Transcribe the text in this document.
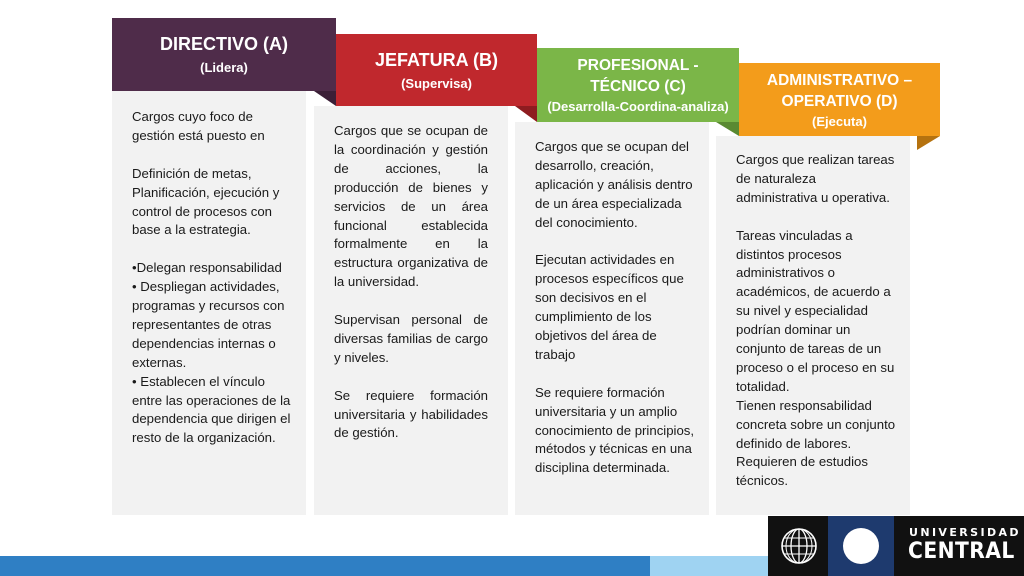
Cargos cuyo foco de gestión está puesto en

Definición de metas, Planificación, ejecución y control de procesos con base a la estrategia.

•Delegan responsabilidad

• Despliegan actividades, programas y recursos con representantes de otras dependencias internas o externas.

• Establecen el vínculo entre las operaciones de la dependencia que dirigen el resto de la organización.

DIRECTIVO (A)
(Lidera)

Cargos que se ocupan de la coordinación y gestión de acciones, la producción de bienes y servicios de un área funcional establecida formalmente en la estructura organizativa de la universidad.

Supervisan personal de diversas familias de cargo y niveles.

Se requiere formación universitaria y habilidades de gestión.

JEFATURA (B)
(Supervisa)

Cargos que se ocupan del desarrollo, creación, aplicación y análisis dentro de un área especializada del conocimiento.

Ejecutan actividades en procesos específicos que son decisivos en el cumplimiento de los objetivos del área de trabajo

Se requiere formación universitaria y un amplio conocimiento de principios, métodos y técnicas en una disciplina determinada.

PROFESIONAL -
TÉCNICO (C)
(Desarrolla-Coordina-analiza)

Cargos que realizan tareas de naturaleza administrativa u operativa.

Tareas vinculadas a distintos procesos administrativos o académicos, de acuerdo a su nivel y especialidad podrían dominar un conjunto de tareas de un proceso o el proceso en su totalidad.

Tienen responsabilidad concreta sobre un conjunto definido de labores. Requieren de estudios técnicos.

ADMINISTRATIVO –
OPERATIVO (D)
(Ejecuta)
UNIVERSIDAD
CENTRAL
